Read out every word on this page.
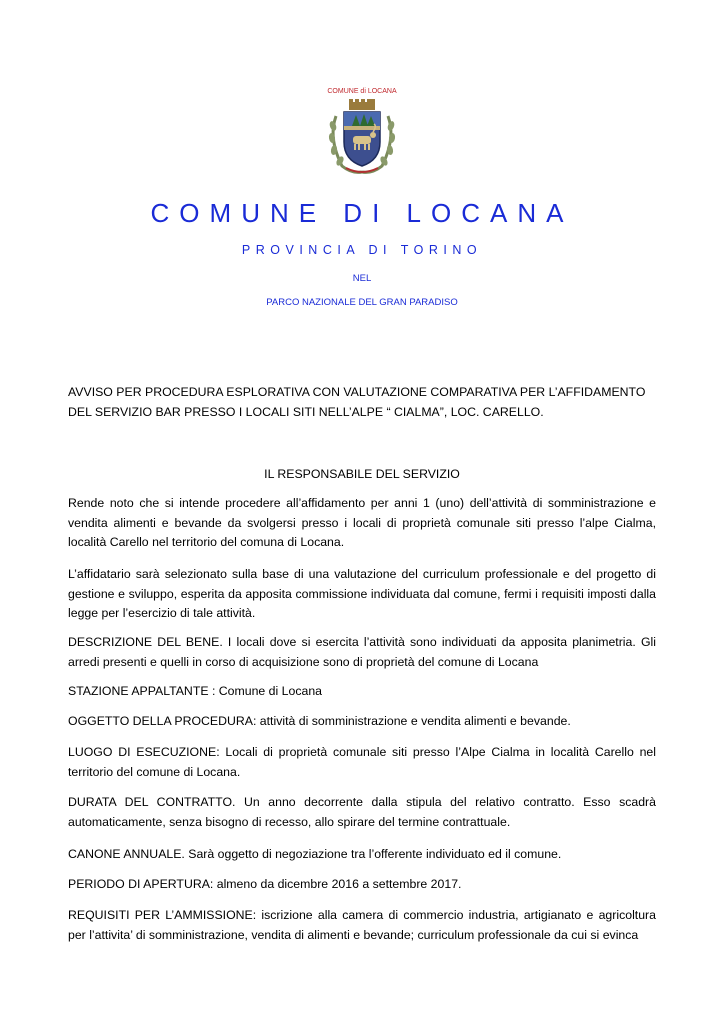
COMUNE di LOCANA
COMUNE DI LOCANA
PROVINCIA DI TORINO
NEL
PARCO NAZIONALE DEL GRAN PARADISO
AVVISO PER PROCEDURA ESPLORATIVA CON VALUTAZIONE COMPARATIVA PER L’AFFIDAMENTO DEL SERVIZIO BAR PRESSO I LOCALI SITI NELL’ALPE “ CIALMA”, LOC. CARELLO.
IL RESPONSABILE DEL SERVIZIO
Rende noto che si intende procedere all’affidamento per anni 1 (uno) dell’attività di somministrazione e vendita alimenti e bevande da svolgersi presso i locali di proprietà comunale siti presso l’alpe Cialma, località Carello nel territorio del comuna di Locana.
L’affidatario sarà selezionato sulla base di una valutazione del curriculum professionale e del progetto di gestione e sviluppo, esperita da apposita commissione individuata dal comune, fermi i requisiti imposti dalla legge per l’esercizio di tale attività.
DESCRIZIONE DEL BENE. I locali dove si esercita l’attività sono individuati da apposita planimetria. Gli arredi presenti e quelli in corso di acquisizione sono di proprietà del comune di Locana
STAZIONE APPALTANTE : Comune di Locana
OGGETTO DELLA PROCEDURA: attività di somministrazione e vendita alimenti e bevande.
LUOGO DI ESECUZIONE: Locali di proprietà comunale siti presso l’Alpe Cialma in località Carello nel territorio del comune di Locana.
DURATA DEL CONTRATTO. Un anno decorrente dalla stipula del relativo contratto. Esso scadrà automaticamente, senza bisogno di recesso, allo spirare del termine contrattuale.
CANONE ANNUALE. Sarà oggetto di negoziazione tra l’offerente individuato ed il comune.
PERIODO DI APERTURA: almeno da dicembre 2016 a settembre 2017.
REQUISITI PER L’AMMISSIONE: iscrizione alla camera di commercio industria, artigianato e agricoltura per l’attivita’ di somministrazione, vendita di alimenti e bevande; curriculum professionale da cui si evinca
